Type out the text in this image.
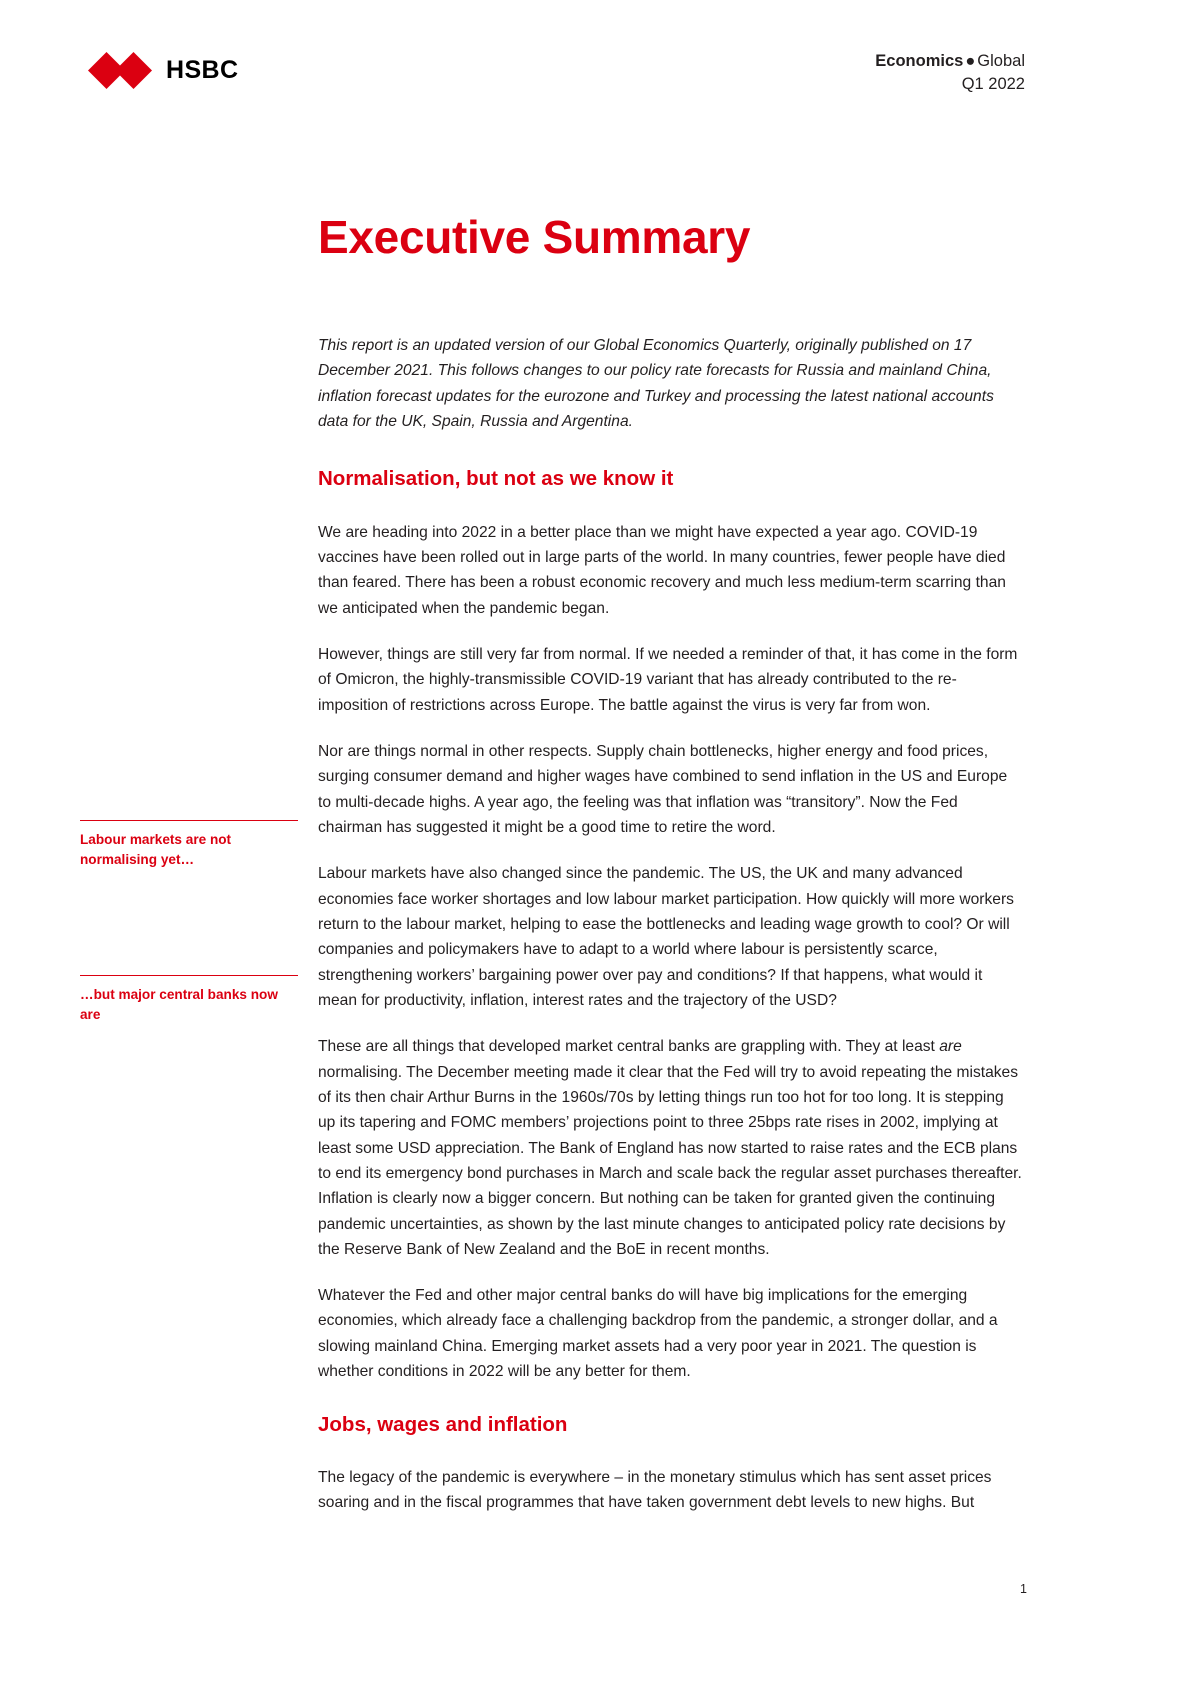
HSBC	Economics ● Global
Q1 2022
Executive Summary
This report is an updated version of our Global Economics Quarterly, originally published on 17 December 2021. This follows changes to our policy rate forecasts for Russia and mainland China, inflation forecast updates for the eurozone and Turkey and processing the latest national accounts data for the UK, Spain, Russia and Argentina.
Labour markets are not normalising yet…
…but major central banks now are
Normalisation, but not as we know it

We are heading into 2022 in a better place than we might have expected a year ago. COVID-19 vaccines have been rolled out in large parts of the world. In many countries, fewer people have died than feared. There has been a robust economic recovery and much less medium-term scarring than we anticipated when the pandemic began.

However, things are still very far from normal. If we needed a reminder of that, it has come in the form of Omicron, the highly-transmissible COVID-19 variant that has already contributed to the re-imposition of restrictions across Europe. The battle against the virus is very far from won.

Nor are things normal in other respects. Supply chain bottlenecks, higher energy and food prices, surging consumer demand and higher wages have combined to send inflation in the US and Europe to multi-decade highs. A year ago, the feeling was that inflation was “transitory”. Now the Fed chairman has suggested it might be a good time to retire the word.

Labour markets have also changed since the pandemic. The US, the UK and many advanced economies face worker shortages and low labour market participation. How quickly will more workers return to the labour market, helping to ease the bottlenecks and leading wage growth to cool? Or will companies and policymakers have to adapt to a world where labour is persistently scarce, strengthening workers’ bargaining power over pay and conditions? If that happens, what would it mean for productivity, inflation, interest rates and the trajectory of the USD?

These are all things that developed market central banks are grappling with. They at least are normalising. The December meeting made it clear that the Fed will try to avoid repeating the mistakes of its then chair Arthur Burns in the 1960s/70s by letting things run too hot for too long. It is stepping up its tapering and FOMC members’ projections point to three 25bps rate rises in 2002, implying at least some USD appreciation. The Bank of England has now started to raise rates and the ECB plans to end its emergency bond purchases in March and scale back the regular asset purchases thereafter. Inflation is clearly now a bigger concern. But nothing can be taken for granted given the continuing pandemic uncertainties, as shown by the last minute changes to anticipated policy rate decisions by the Reserve Bank of New Zealand and the BoE in recent months.

Whatever the Fed and other major central banks do will have big implications for the emerging economies, which already face a challenging backdrop from the pandemic, a stronger dollar, and a slowing mainland China. Emerging market assets had a very poor year in 2021. The question is whether conditions in 2022 will be any better for them.

Jobs, wages and inflation

The legacy of the pandemic is everywhere – in the monetary stimulus which has sent asset prices soaring and in the fiscal programmes that have taken government debt levels to new highs. But

1
